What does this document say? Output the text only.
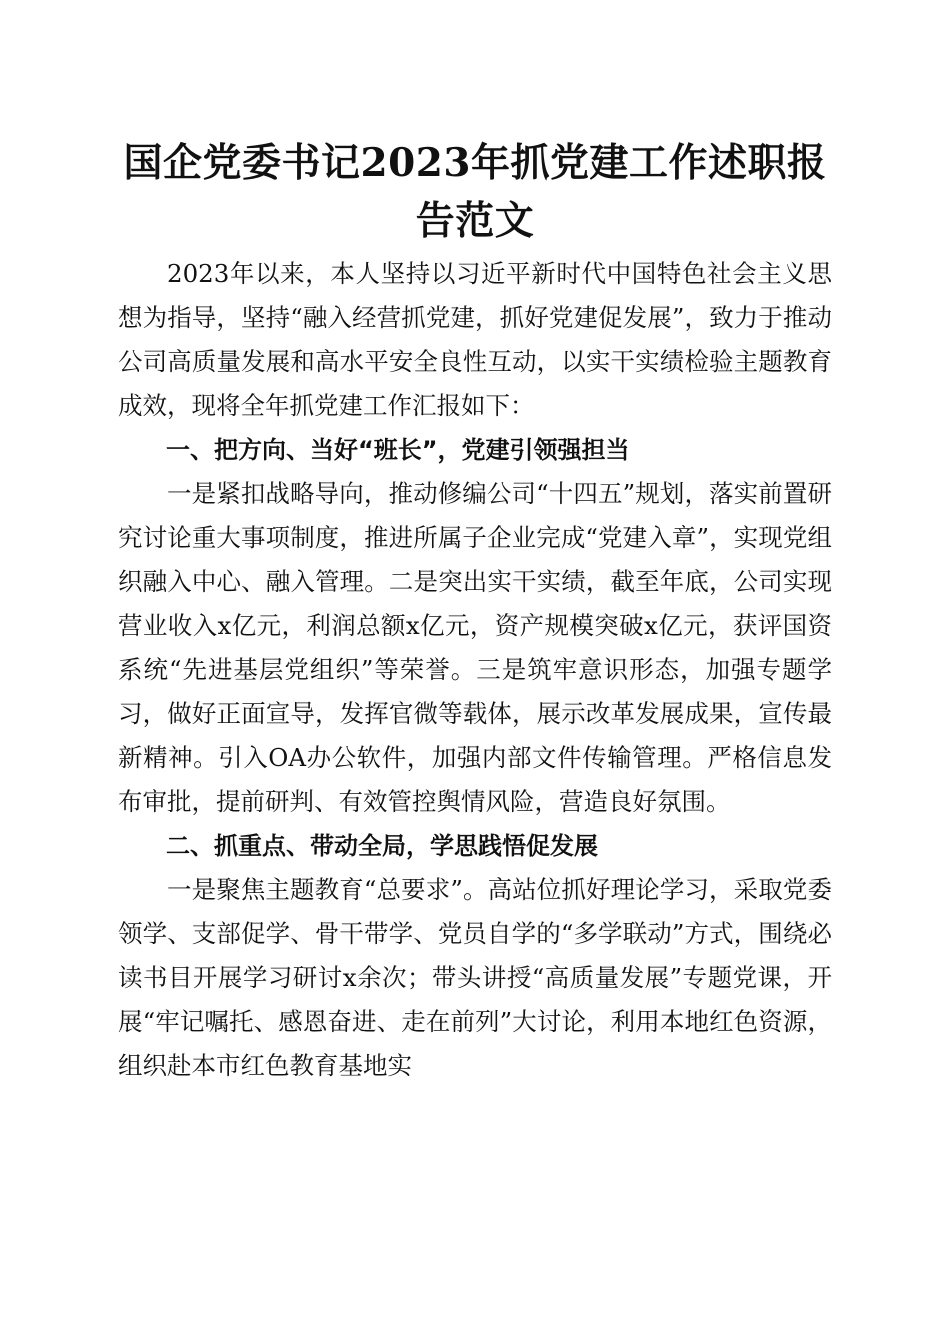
国企党委书记2023年抓党建工作述职报告范文

2023年以来，本人坚持以习近平新时代中国特色社会主义思想为指导，坚持“融入经营抓党建，抓好党建促发展”，致力于推动公司高质量发展和高水平安全良性互动，以实干实绩检验主题教育成效，现将全年抓党建工作汇报如下：

一、把方向、当好“班长”，党建引领强担当

一是紧扣战略导向，推动修编公司“十四五”规划，落实前置研究讨论重大事项制度，推进所属子企业完成“党建入章”，实现党组织融入中心、融入管理。二是突出实干实绩，截至年底，公司实现营业收入x亿元，利润总额x亿元，资产规模突破x亿元，获评国资系统“先进基层党组织”等荣誉。三是筑牢意识形态，加强专题学习，做好正面宣导，发挥官微等载体，展示改革发展成果，宣传最新精神。引入OA办公软件，加强内部文件传输管理。严格信息发布审批，提前研判、有效管控舆情风险，营造良好氛围。

二、抓重点、带动全局，学思践悟促发展

一是聚焦主题教育“总要求”。高站位抓好理论学习，采取党委领学、支部促学、骨干带学、党员自学的“多学联动”方式，围绕必读书目开展学习研讨x余次；带头讲授“高质量发展”专题党课，开展“牢记嘱托、感恩奋进、走在前列”大讨论，利用本地红色资源，组织赴本市红色教育基地实
